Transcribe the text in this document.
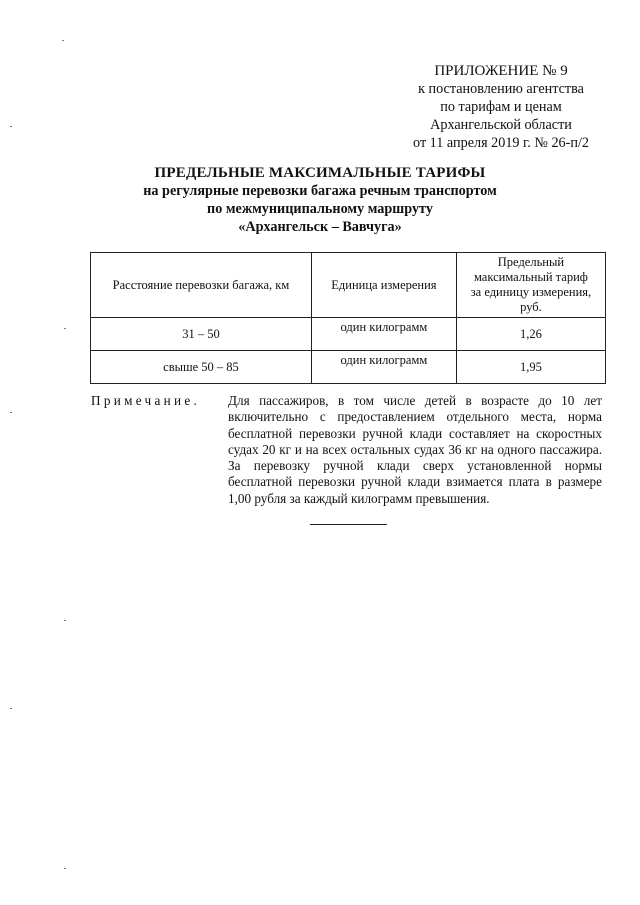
ПРИЛОЖЕНИЕ № 9
к постановлению агентства
по тарифам и ценам
Архангельской области
от 11 апреля 2019 г. № 26-п/2
ПРЕДЕЛЬНЫЕ МАКСИМАЛЬНЫЕ ТАРИФЫ
на регулярные перевозки багажа речным транспортом
по межмуниципальному маршруту
«Архангельск – Вавчуга»
Расстояние перевозки багажа, км	Единица измерения	Предельный
максимальный тариф
за единицу измерения,
руб.

31 – 50	один килограмм	1,26
свыше 50 – 85	один килограмм	1,95
Примечание. Для пассажиров, в том числе детей в возрасте до 10 лет включительно с предоставлением отдельного места, норма бесплатной перевозки ручной клади составляет на скоростных судах 20 кг и на всех остальных судах 36 кг на одного пассажира. За перевозку ручной клади сверх установленной нормы бесплатной перевозки ручной клади взимается плата в размере 1,00 рубля за каждый килограмм превышения.
